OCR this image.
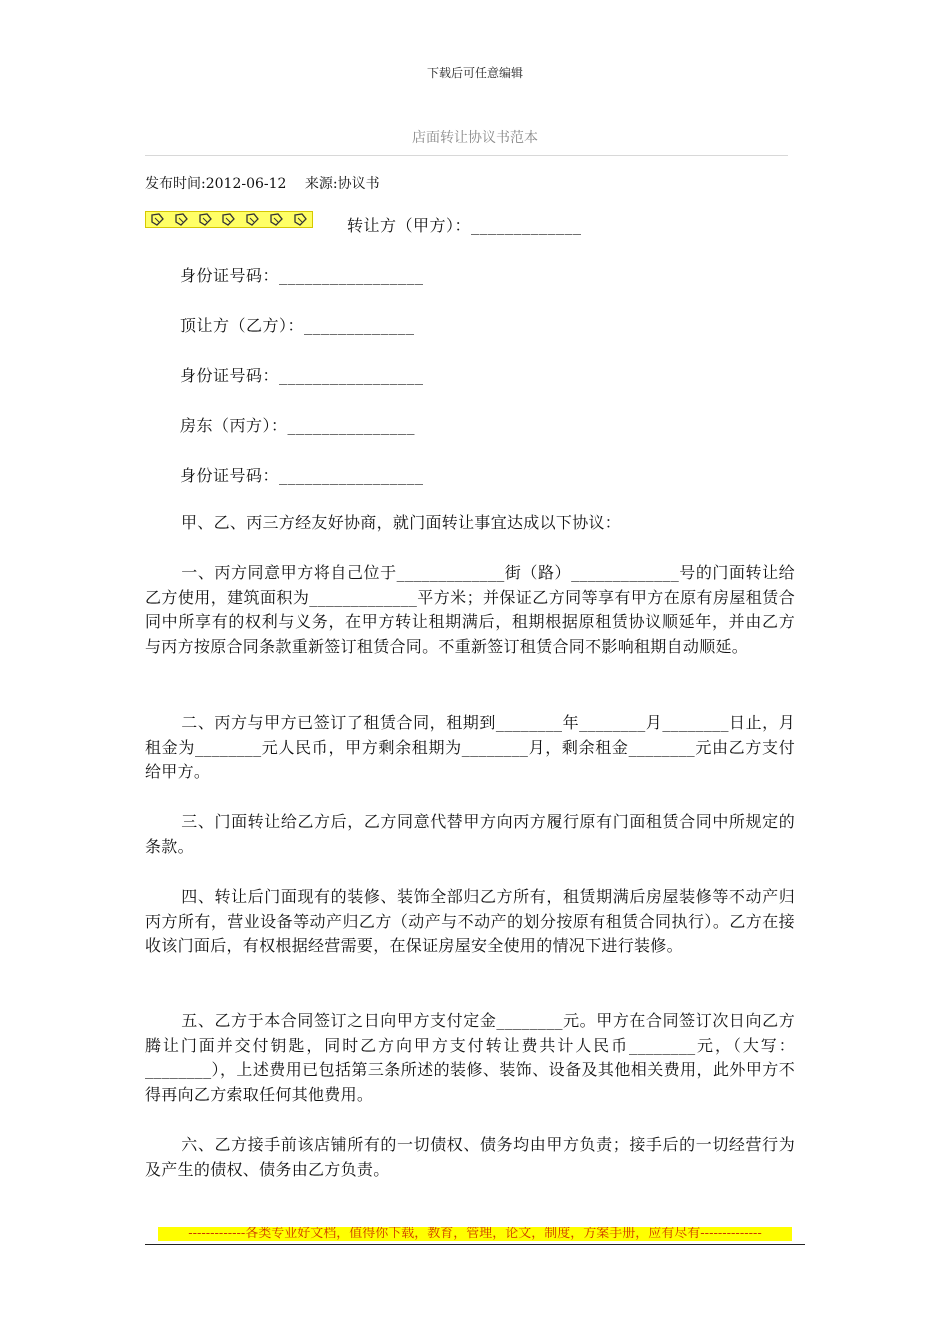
下载后可任意编辑
店面转让协议书范本
发布时间:2012-06-12 来源:协议书
转让方（甲方）：_____________
身份证号码：_________________
顶让方（乙方）：_____________
身份证号码：_________________
房东（丙方）：_______________
身份证号码：_________________
甲、乙、丙三方经友好协商，就门面转让事宜达成以下协议：
一、丙方同意甲方将自己位于_____________街（路）_____________号的门面转让给乙方使用，建筑面积为_____________平方米；并保证乙方同等享有甲方在原有房屋租赁合同中所享有的权利与义务，在甲方转让租期满后，租期根据原租赁协议顺延年，并由乙方与丙方按原合同条款重新签订租赁合同。不重新签订租赁合同不影响租期自动顺延。
二、丙方与甲方已签订了租赁合同，租期到________年________月________日止，月租金为________元人民币，甲方剩余租期为________月，剩余租金________元由乙方支付给甲方。
三、门面转让给乙方后，乙方同意代替甲方向丙方履行原有门面租赁合同中所规定的条款。
四、转让后门面现有的装修、装饰全部归乙方所有，租赁期满后房屋装修等不动产归丙方所有，营业设备等动产归乙方（动产与不动产的划分按原有租赁合同执行）。乙方在接收该门面后，有权根据经营需要，在保证房屋安全使用的情况下进行装修。
五、乙方于本合同签订之日向甲方支付定金________元。甲方在合同签订次日向乙方腾让门面并交付钥匙，同时乙方向甲方支付转让费共计人民币________元，（大写：________），上述费用已包括第三条所述的装修、装饰、设备及其他相关费用，此外甲方不得再向乙方索取任何其他费用。
六、乙方接手前该店铺所有的一切债权、债务均由甲方负责；接手后的一切经营行为及产生的债权、债务由乙方负责。
-------------各类专业好文档，值得你下载，教育，管理，论文，制度，方案手册，应有尽有--------------
